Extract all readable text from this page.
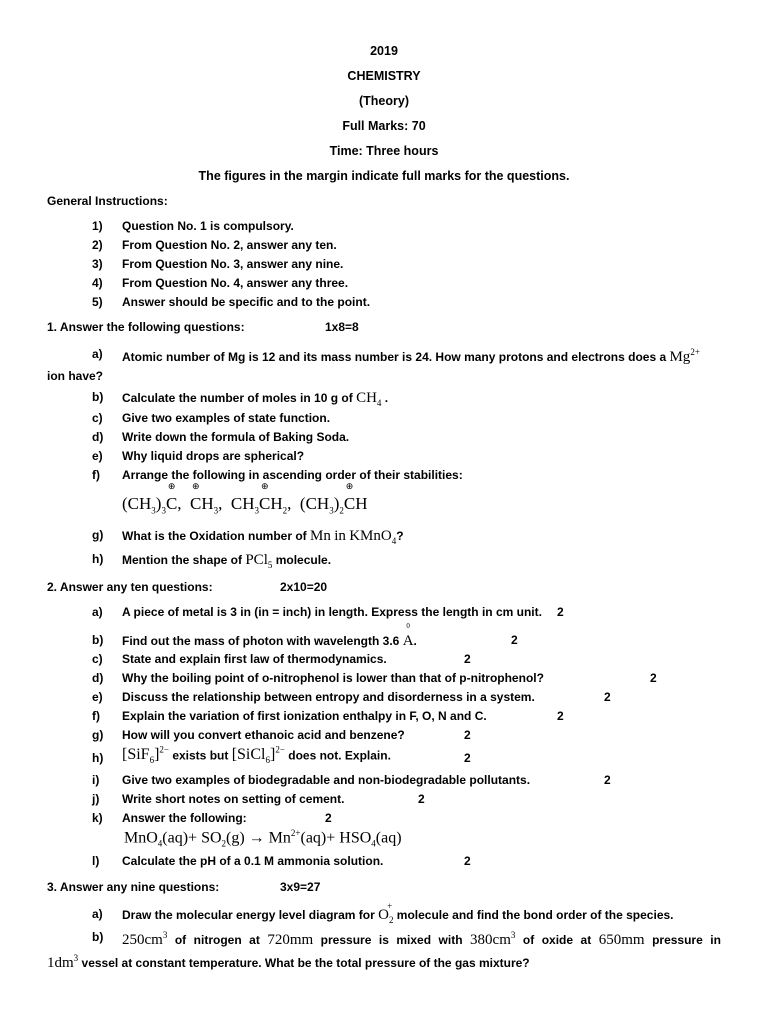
2019
CHEMISTRY
(Theory)
Full Marks: 70
Time: Three hours
The figures in the margin indicate full marks for the questions.
General Instructions:
1) Question No. 1 is compulsory.
2) From Question No. 2, answer any ten.
3) From Question No. 3, answer any nine.
4) From Question No. 4, answer any three.
5) Answer should be specific and to the point.
1. Answer the following questions:	1x8=8
a) Atomic number of Mg is 12 and its mass number is 24. How many protons and electrons does a $Mg^{2+}$
ion have?
b) Calculate the number of moles in 10 g of $CH_4$ .
c) Give two examples of state function.
d) Write down the formula of Baking Soda.
e) Why liquid drops are spherical?
f) Arrange the following in ascending order of their stabilities:
$(CH_3)_3$
⊕
C,
⊕
$CH_3$,  $CH_3$
⊕
$CH_2$,  $(CH_3)_2$
⊕
CH
g) What is the Oxidation number of Mn in KMnO$_4$?
h) Mention the shape of PCl$_5$ molecule.
2. Answer any ten questions:	2x10=20
a) A piece of metal is 3 in (in = inch) in length. Express the length in cm unit. 2
b) Find out the mass of photon with wavelength 3.6
0
A.	2
c) State and explain first law of thermodynamics.	2
d) Why the boiling point of o-nitrophenol is lower than that of p-nitrophenol?	2
e) Discuss the relationship between entropy and disorderness in a system.	2
f) Explain the variation of first ionization enthalpy in F, O, N and C.	2
g) How will you convert ethanoic acid and benzene?	2
h) $[SiF_6]^{2-}$ exists but [SiCl$_6$]$^{2-}$ does not. Explain.	2
i) Give two examples of biodegradable and non-biodegradable pollutants.	2
j) Write short notes on setting of cement.	2
k) Answer the following:	2
$MnO_4(aq)+ SO_2(g) \to Mn^{2+}(aq)+ HSO_4(aq)$
l) Calculate the pH of a 0.1 M ammonia solution.	2
3. Answer any nine questions:	3x9=27
a) Draw the molecular energy level diagram for $O_2$
+
molecule and find the bond order of the species.
b) $250cm^3$ of nitrogen at 720mm pressure is mixed with $380cm^3$ of oxide at 650mm pressure in
$1dm^3$ vessel at constant temperature. What be the total pressure of the gas mixture?
